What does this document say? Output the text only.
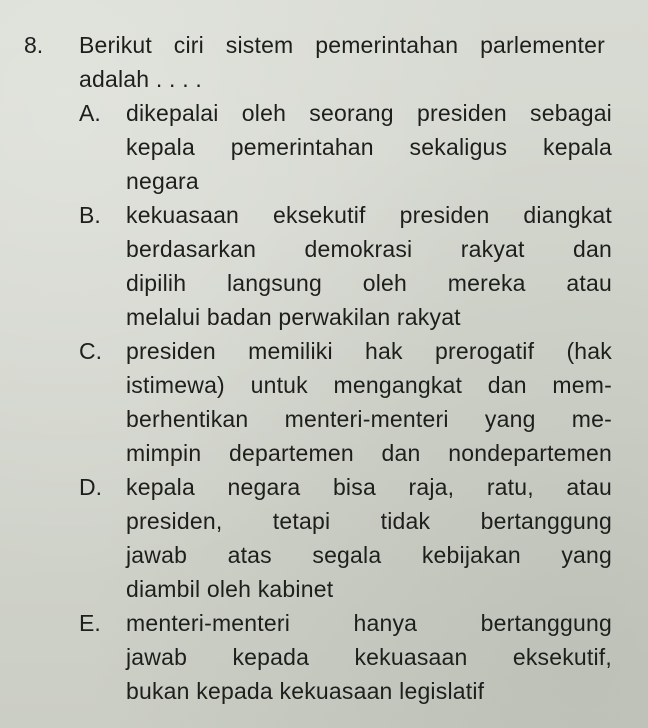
8. Berikut ciri sistem pemerintahan parlementer
adalah . . . .
A. dikepalai oleh seorang presiden sebagai
kepala pemerintahan sekaligus kepala
negara
B. kekuasaan eksekutif presiden diangkat
berdasarkan demokrasi rakyat dan
dipilih langsung oleh mereka atau
melalui badan perwakilan rakyat
C. presiden memiliki hak prerogatif (hak
istimewa) untuk mengangkat dan mem-
berhentikan menteri-menteri yang me-
mimpin departemen dan nondepartemen
D. kepala negara bisa raja, ratu, atau
presiden, tetapi tidak bertanggung
jawab atas segala kebijakan yang
diambil oleh kabinet
E. menteri-menteri hanya bertanggung
jawab kepada kekuasaan eksekutif,
bukan kepada kekuasaan legislatif
